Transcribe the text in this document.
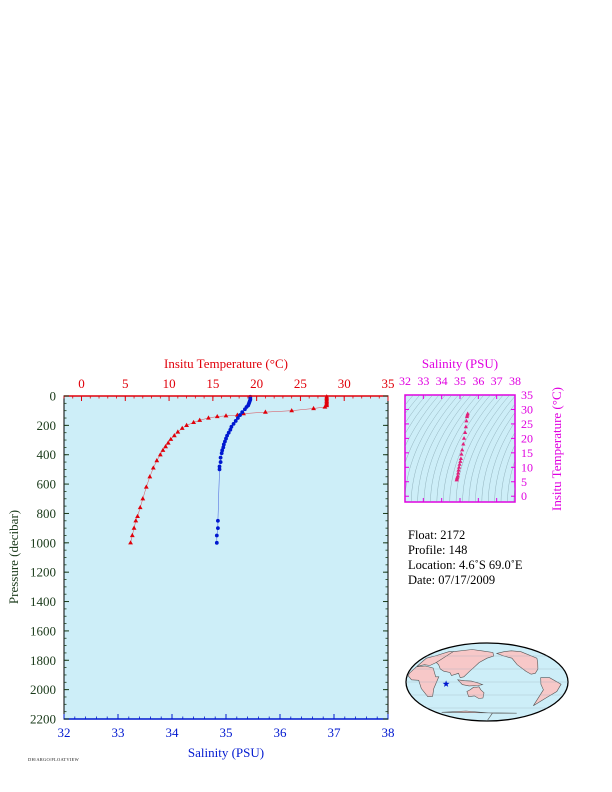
32	33	34	35	36	37	38
0	5	10 15 20 25 30 35
0
200
400
600
800
1000
1200
1400
1600
1800
2000
2200
Insitu Temperature (°C)
Salinity (PSU)
Pressure (decibar)
Salinity (PSU)
Insitu Temperature (°C)
32 33 34 35 36 37 38
0
5
10
15
20
25
30
35
Float: 2172
Profile: 148
Location: 4.6˚S 69.0˚E
Date: 07/17/2009
DH/ARGO/FLOATVIEW
